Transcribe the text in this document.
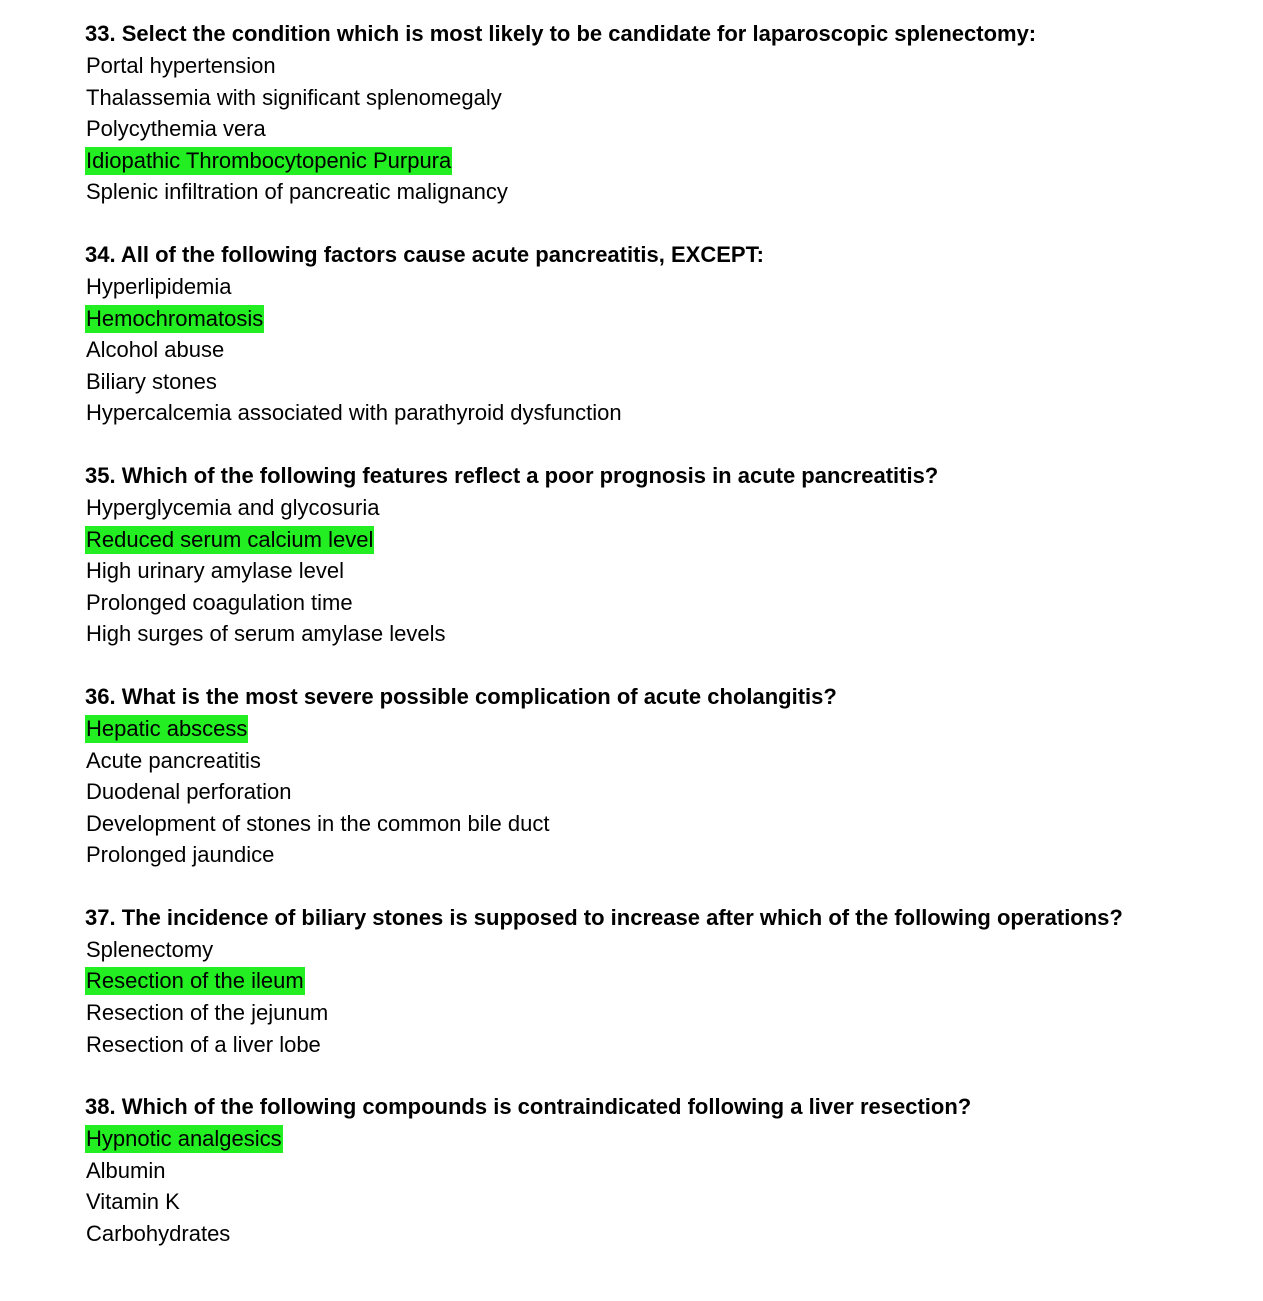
33. Select the condition which is most likely to be candidate for laparoscopic splenectomy:

Portal hypertension

Thalassemia with significant splenomegaly

Polycythemia vera

Idiopathic Thrombocytopenic Purpura

Splenic infiltration of pancreatic malignancy

34. All of the following factors cause acute pancreatitis, EXCEPT:

Hyperlipidemia

Hemochromatosis

Alcohol abuse

Biliary stones

Hypercalcemia associated with parathyroid dysfunction

35. Which of the following features reflect a poor prognosis in acute pancreatitis?

Hyperglycemia and glycosuria

Reduced serum calcium level

High urinary amylase level

Prolonged coagulation time

High surges of serum amylase levels

36. What is the most severe possible complication of acute cholangitis?

Hepatic abscess

Acute pancreatitis

Duodenal perforation

Development of stones in the common bile duct

Prolonged jaundice

37. The incidence of biliary stones is supposed to increase after which of the following operations?

Splenectomy

Resection of the ileum

Resection of the jejunum

Resection of a liver lobe

38. Which of the following compounds is contraindicated following a liver resection?

Hypnotic analgesics

Albumin

Vitamin K

Carbohydrates
